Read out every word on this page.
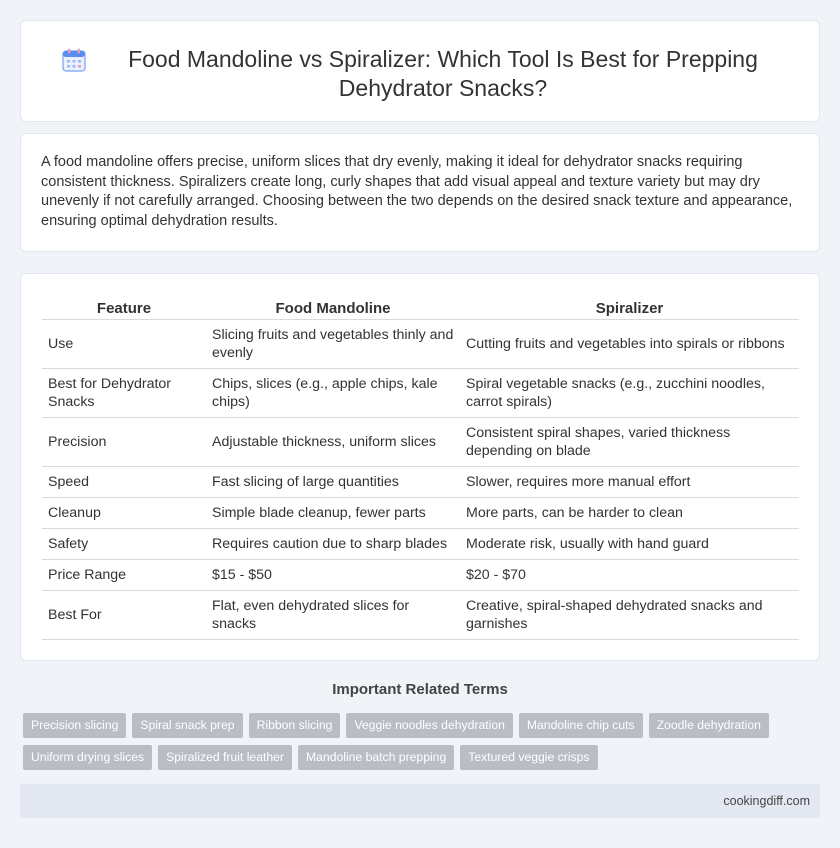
Food Mandoline vs Spiralizer: Which Tool Is Best for Prepping Dehydrator Snacks?

A food mandoline offers precise, uniform slices that dry evenly, making it ideal for dehydrator snacks requiring consistent thickness. Spiralizers create long, curly shapes that add visual appeal and texture variety but may dry unevenly if not carefully arranged. Choosing between the two depends on the desired snack texture and appearance, ensuring optimal dehydration results.

Feature	Food Mandoline	Spiralizer
Use	Slicing fruits and vegetables thinly and evenly	Cutting fruits and vegetables into spirals or ribbons
Best for Dehydrator Snacks	Chips, slices (e.g., apple chips, kale chips)	Spiral vegetable snacks (e.g., zucchini noodles, carrot spirals)
Precision	Adjustable thickness, uniform slices	Consistent spiral shapes, varied thickness depending on blade
Speed	Fast slicing of large quantities	Slower, requires more manual effort
Cleanup	Simple blade cleanup, fewer parts	More parts, can be harder to clean
Safety	Requires caution due to sharp blades	Moderate risk, usually with hand guard
Price Range	$15 - $50	$20 - $70
Best For	Flat, even dehydrated slices for snacks	Creative, spiral-shaped dehydrated snacks and garnishes
Important Related Terms
Precision slicing	Spiral snack prep	Ribbon slicing	Veggie noodles dehydration	Mandoline chip cuts	Zoodle dehydration
Uniform drying slices	Spiralized fruit leather	Mandoline batch prepping	Textured veggie crisps
cookingdiff.com
